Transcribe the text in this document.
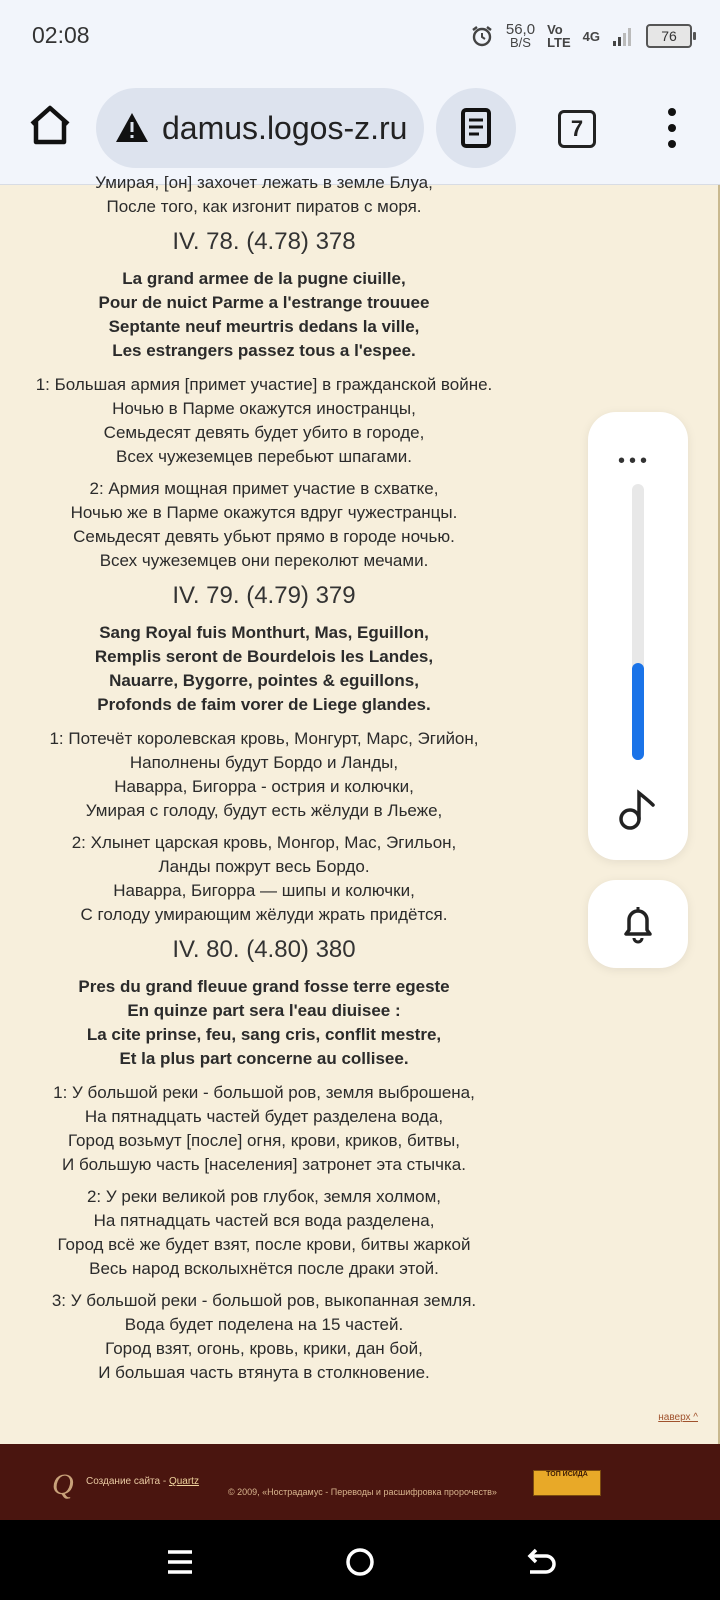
02:08	56,0
B/S
Vo
LTE 4G	76
damus.logos-z.ru	7

Умирая, [он] захочет лежать в земле Блуа,
После того, как изгонит пиратов с моря.

IV. 78. (4.78) 378

La grand armee de la pugne ciuille,
Pour de nuict Parme a l'estrange trouuee
Septante neuf meurtris dedans la ville,
Les estrangers passez tous a l'espee.

1: Большая армия [примет участие] в гражданской войне.
Ночью в Парме окажутся иностранцы,
Семьдесят девять будет убито в городе,
Всех чужеземцев перебьют шпагами.

2: Армия мощная примет участие в схватке,
Ночью же в Парме окажутся вдруг чужестранцы.
Семьдесят девять убьют прямо в городе ночью.
Всех чужеземцев они переколют мечами.

IV. 79. (4.79) 379

Sang Royal fuis Monthurt, Mas, Eguillon,
Remplis seront de Bourdelois les Landes,
Nauarre, Bygorre, pointes & eguillons,
Profonds de faim vorer de Liege glandes.

1: Потечёт королевская кровь, Монгурт, Марс, Эгийон,
Наполнены будут Бордо и Ланды,
Наварра, Бигорра - острия и колючки,
Умирая с голоду, будут есть жёлуди в Льеже,

2: Хлынет царская кровь, Монгор, Мас, Эгильон,
Ланды пожрут весь Бордо.
Наварра, Бигорра — шипы и колючки,
С голоду умирающим жёлуди жрать придётся.

IV. 80. (4.80) 380

Pres du grand fleuue grand fosse terre egeste
En quinze part sera l'eau diuisee :
La cite prinse, feu, sang cris, conflit mestre,
Et la plus part concerne au collisee.

1: У большой реки - большой ров, земля выброшена,
На пятнадцать частей будет разделена вода,
Город возьмут [после] огня, крови, криков, битвы,
И большую часть [населения] затронет эта стычка.

2: У реки великой ров глубок, земля холмом,
На пятнадцать частей вся вода разделена,
Город всё же будет взят, после крови, битвы жаркой
Весь народ всколыхнётся после драки этой.

3: У большой реки - большой ров, выкопанная земля.
Вода будет поделена на 15 частей.
Город взят, огонь, кровь, крики, дан бой,
И большая часть втянута в столкновение.

наверх ^
Q Создание сайта - Quartz
© 2009, «Нострадамус - Переводы и расшифровка пророчеств»
ТОП ИСИДА
•••
